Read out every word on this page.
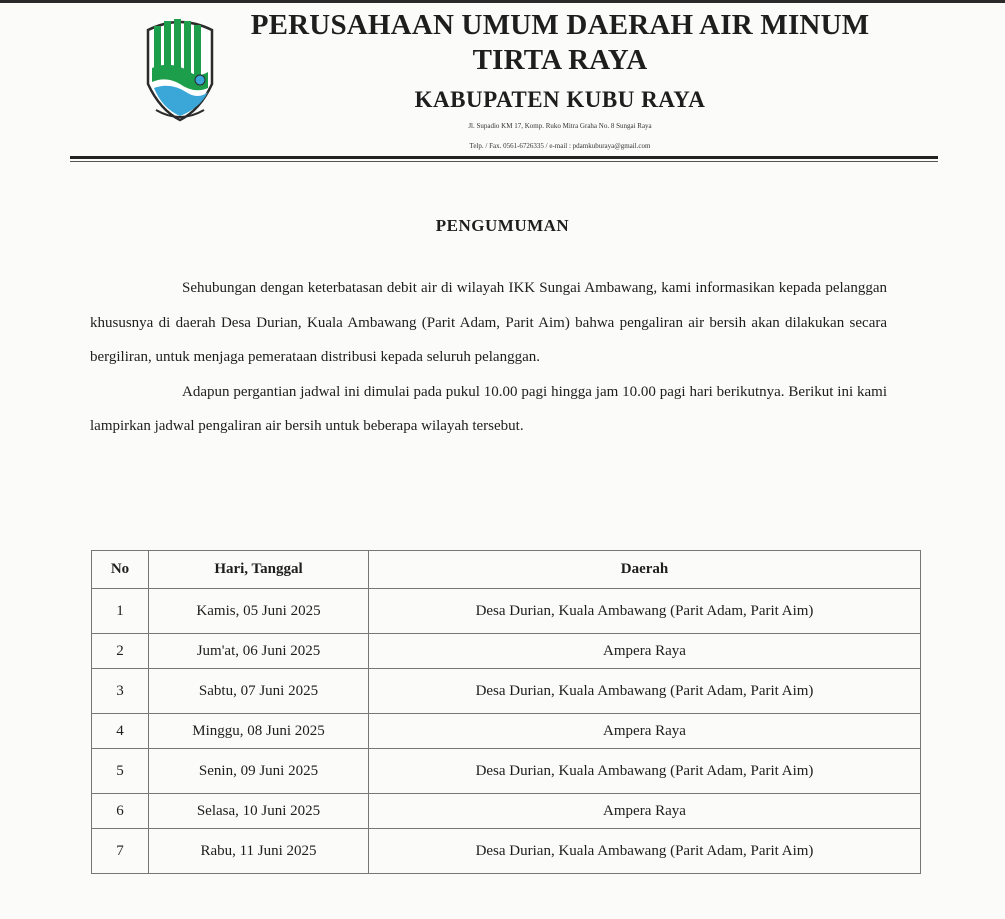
PERUSAHAAN UMUM DAERAH AIR MINUM
TIRTA RAYA
KABUPATEN KUBU RAYA
Jl. Supadio KM 17, Komp. Ruko Mitra Graha No. 8 Sungai Raya
Telp. / Fax. 0561-6726335 / e-mail : pdamkuburaya@gmail.com
PENGUMUMAN

Sehubungan dengan keterbatasan debit air di wilayah IKK Sungai Ambawang, kami informasikan kepada pelanggan khususnya di daerah Desa Durian, Kuala Ambawang (Parit Adam, Parit Aim) bahwa pengaliran air bersih akan dilakukan secara bergiliran, untuk menjaga pemerataan distribusi kepada seluruh pelanggan.

Adapun pergantian jadwal ini dimulai pada pukul 10.00 pagi hingga jam 10.00 pagi hari berikutnya. Berikut ini kami lampirkan jadwal pengaliran air bersih untuk beberapa wilayah tersebut.

No	Hari, Tanggal	Daerah
1	Kamis, 05 Juni 2025	Desa Durian, Kuala Ambawang (Parit Adam, Parit Aim)
2	Jum'at, 06 Juni 2025	Ampera Raya
3	Sabtu, 07 Juni 2025	Desa Durian, Kuala Ambawang (Parit Adam, Parit Aim)
4	Minggu, 08 Juni 2025	Ampera Raya
5	Senin, 09 Juni 2025	Desa Durian, Kuala Ambawang (Parit Adam, Parit Aim)
6	Selasa, 10 Juni 2025	Ampera Raya
7	Rabu, 11 Juni 2025	Desa Durian, Kuala Ambawang (Parit Adam, Parit Aim)
